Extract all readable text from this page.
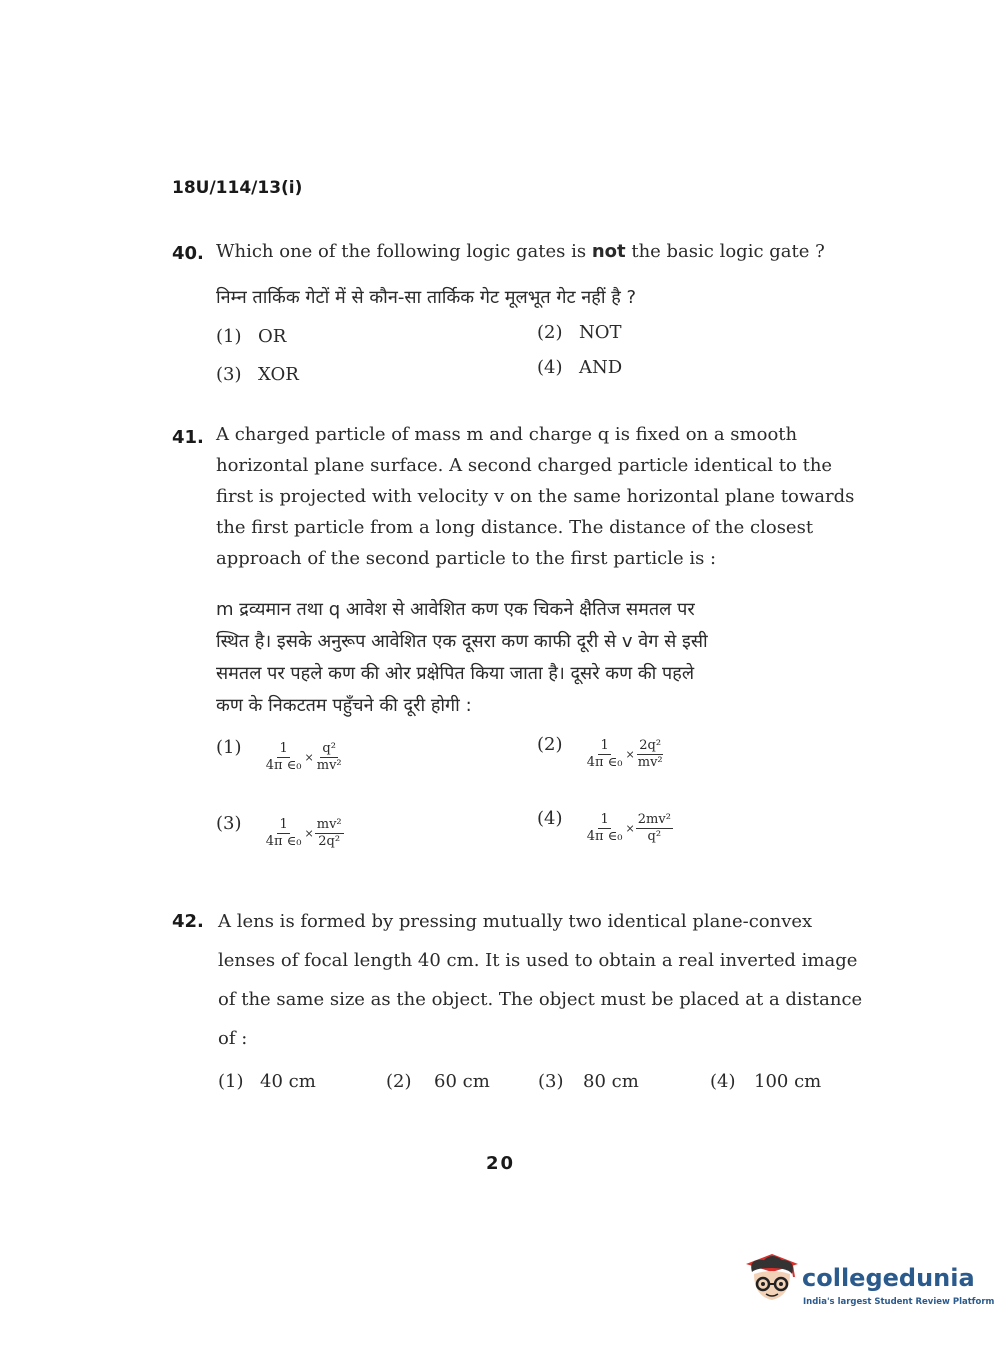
18U/114/13(i)
40. Which one of the following logic gates is not the basic logic gate ?
निम्न तार्किक गेटों में से कौन-सा तार्किक गेट मूलभूत गेट नहीं है ?
(1) OR	(2) NOT
(3) XOR	(4) AND
41. A charged particle of mass m and charge q is fixed on a smooth
horizontal plane surface. A second charged particle identical to the
first is projected with velocity v on the same horizontal plane towards
the first particle from a long distance. The distance of the closest
approach of the second particle to the first particle is :
m द्रव्यमान तथा q आवेश से आवेशित कण एक चिकने क्षैतिज समतल पर
स्थित है। इसके अनुरूप आवेशित एक दूसरा कण काफी दूरी से v वेग से इसी
समतल पर पहले कण की ओर प्रक्षेपित किया जाता है। दूसरे कण की पहले
कण के निकटतम पहुँचने की दूरी होगी :
$(1) \frac{1}{\text{4π ∈₀}} \times \frac{\text{q²}}{\text{mv²}}$	$(2) \frac{1}{\text{4π ∈₀}} \times \frac{\text{2q²}}{\text{mv²}}$
$(3) \frac{1}{\text{4π ∈₀}} \times \frac{\text{mv²}}{\text{2q²}}$	$(4) \frac{1}{\text{4π ∈₀}} \times \frac{\text{2mv²}}{\text{q²}}$
42. A lens is formed by pressing mutually two identical plane-convex
lenses of focal length 40 cm. It is used to obtain a real inverted image
of the same size as the object. The object must be placed at a distance
of :
(1) 40 cm	(2) 60 cm	(3) 80 cm	(4) 100 cm
20
collegedunia
India's largest Student Review Platform
